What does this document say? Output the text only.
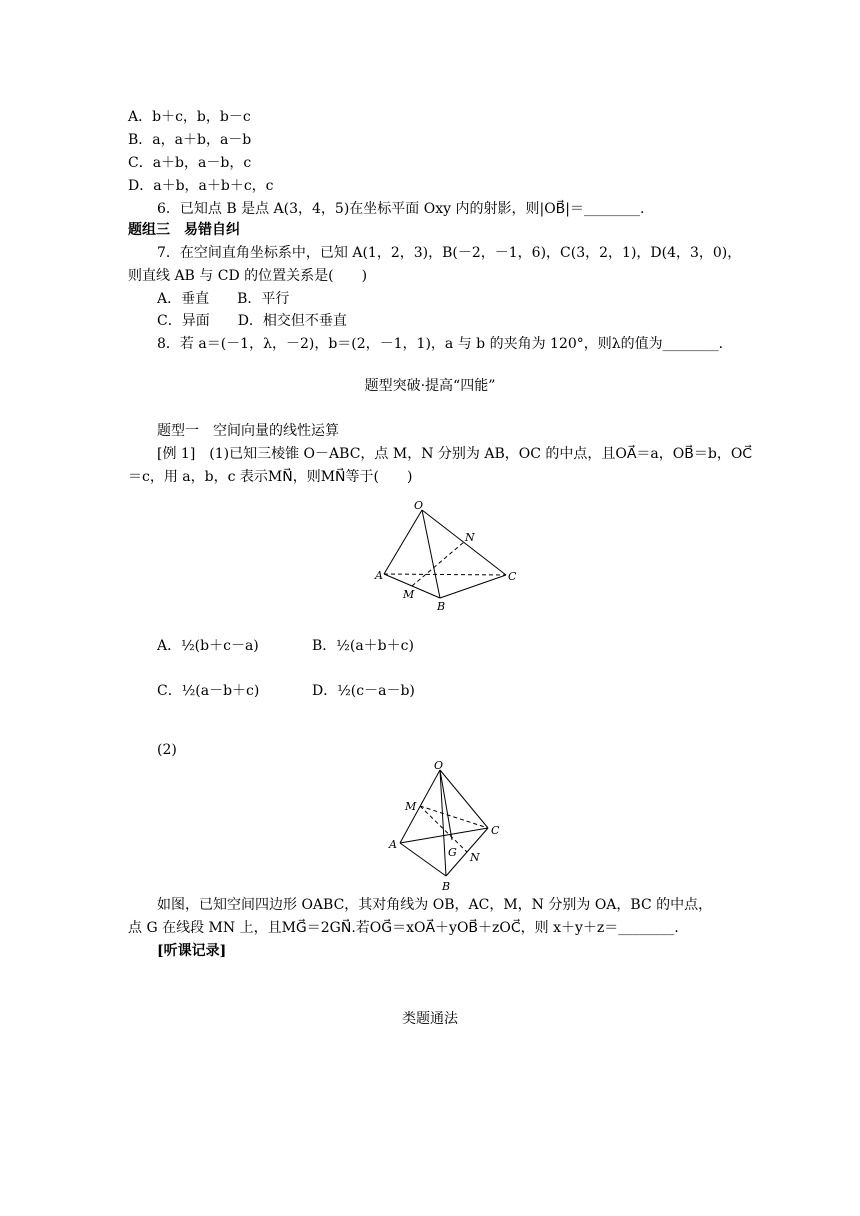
A．b＋c，b，b－c
B．a，a＋b，a－b
C．a＋b，a－b，c
D．a＋b，a＋b＋c，c
6．已知点 B 是点 A(3，4，5)在坐标平面 Oxy 内的射影，则|OB⃗|＝________.
题组三　易错自纠
7．在空间直角坐标系中，已知 A(1，2，3)，B(－2，－1，6)，C(3，2，1)，D(4，3，0)，
则直线 AB 与 CD 的位置关系是(　　)
A．垂直　　B．平行
C．异面　　D．相交但不垂直
8．若 a＝(－1，λ，－2)，b＝(2，－1，1)，a 与 b 的夹角为 120°，则λ的值为________.
题型突破·提高“四能”
题型一　空间向量的线性运算
[例 1]　(1)已知三棱锥 O－ABC，点 M，N 分别为 AB，OC 的中点，且OA⃗＝a，OB⃗＝b，OC⃗
＝c，用 a，b，c 表示MN⃗，则MN⃗等于(　　)
O
A
B
C
M
N
A．½(b＋c－a)	B．½(a＋b＋c)
C．½(a－b＋c)	D．½(c－a－b)
(2)
O
M
A
B
C
G N
如图，已知空间四边形 OABC，其对角线为 OB，AC，M，N 分别为 OA，BC 的中点，
点 G 在线段 MN 上，且MG⃗＝2GN⃗.若OG⃗＝xOA⃗＋yOB⃗＋zOC⃗，则 x＋y＋z＝________.
[听课记录]
类题通法
